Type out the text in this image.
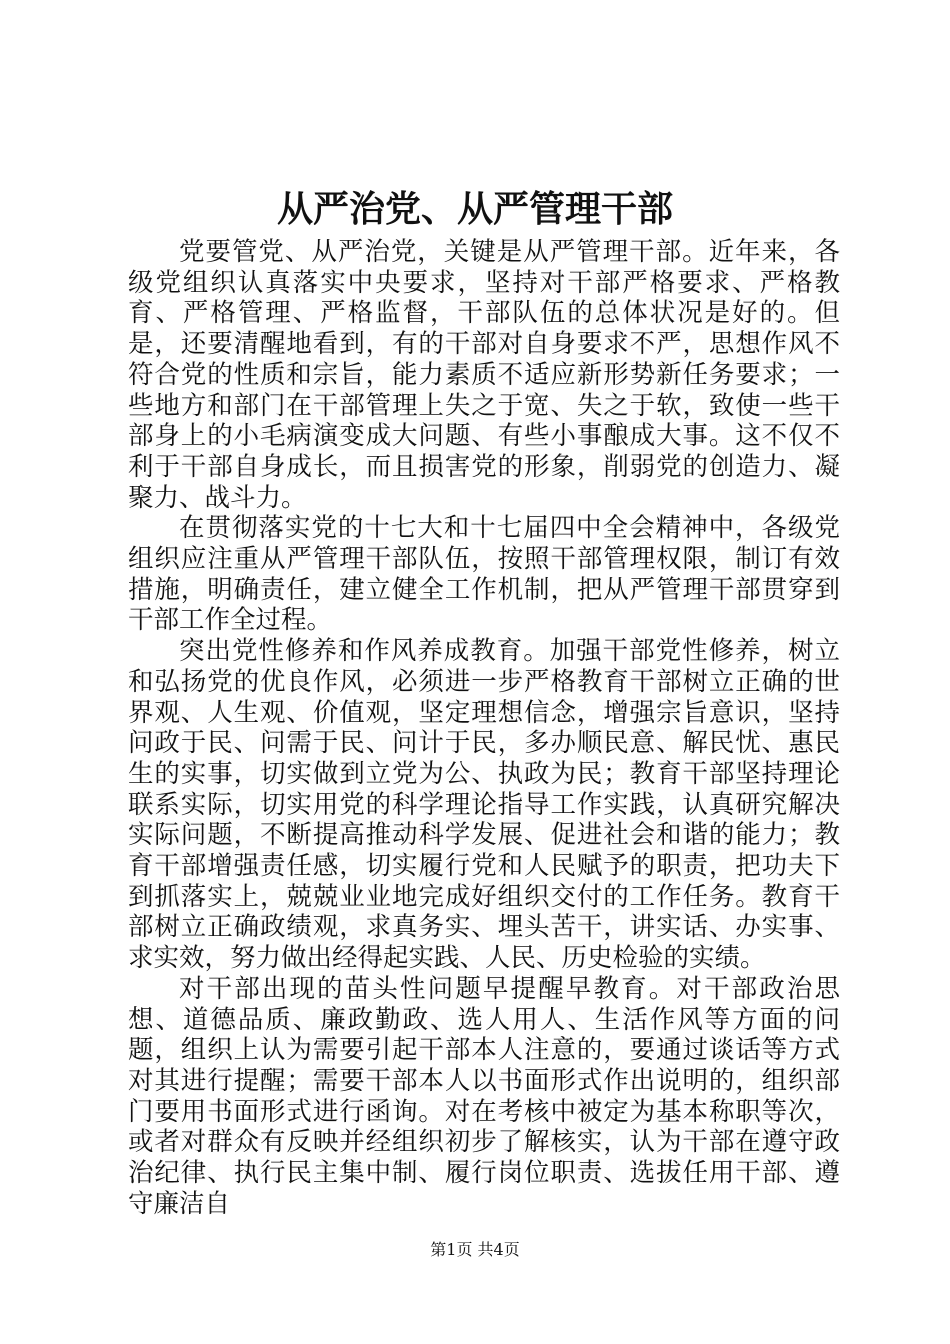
从严治党、从严管理干部

党要管党、从严治党，关键是从严管理干部。近年来，各级党组织认真落实中央要求，坚持对干部严格要求、严格教育、严格管理、严格监督，干部队伍的总体状况是好的。但是，还要清醒地看到，有的干部对自身要求不严，思想作风不符合党的性质和宗旨，能力素质不适应新形势新任务要求；一些地方和部门在干部管理上失之于宽、失之于软，致使一些干部身上的小毛病演变成大问题、有些小事酿成大事。这不仅不利于干部自身成长，而且损害党的形象，削弱党的创造力、凝聚力、战斗力。

在贯彻落实党的十七大和十七届四中全会精神中，各级党组织应注重从严管理干部队伍，按照干部管理权限，制订有效措施，明确责任，建立健全工作机制，把从严管理干部贯穿到干部工作全过程。

突出党性修养和作风养成教育。加强干部党性修养，树立和弘扬党的优良作风，必须进一步严格教育干部树立正确的世界观、人生观、价值观，坚定理想信念，增强宗旨意识，坚持问政于民、问需于民、问计于民，多办顺民意、解民忧、惠民生的实事，切实做到立党为公、执政为民；教育干部坚持理论联系实际，切实用党的科学理论指导工作实践，认真研究解决实际问题，不断提高推动科学发展、促进社会和谐的能力；教育干部增强责任感，切实履行党和人民赋予的职责，把功夫下到抓落实上，兢兢业业地完成好组织交付的工作任务。教育干部树立正确政绩观，求真务实、埋头苦干，讲实话、办实事、求实效，努力做出经得起实践、人民、历史检验的实绩。

对干部出现的苗头性问题早提醒早教育。对干部政治思想、道德品质、廉政勤政、选人用人、生活作风等方面的问题，组织上认为需要引起干部本人注意的，要通过谈话等方式对其进行提醒；需要干部本人以书面形式作出说明的，组织部门要用书面形式进行函询。对在考核中被定为基本称职等次，或者对群众有反映并经组织初步了解核实，认为干部在遵守政治纪律、执行民主集中制、履行岗位职责、选拔任用干部、遵守廉洁自

第1页 共4页
